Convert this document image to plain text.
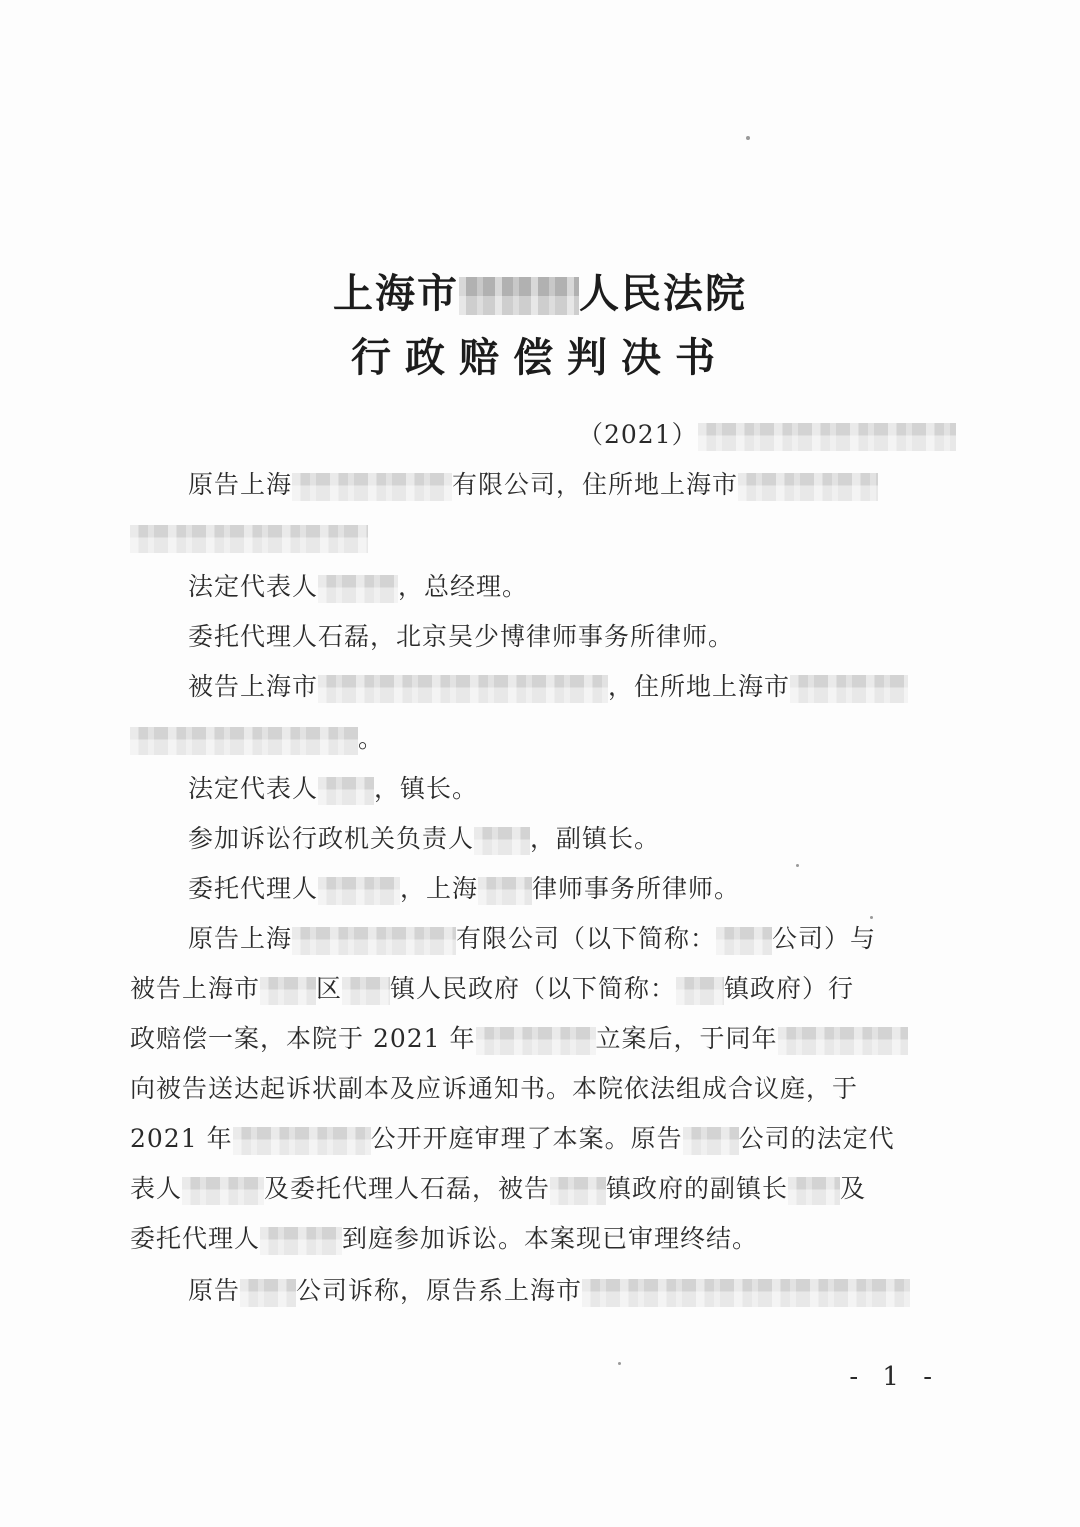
上海市	人民法院
行政赔偿判决书
（2021）
原告上海	有限公司，住所地上海市
法定代表人	，总经理。
委托代理人石磊，北京吴少博律师事务所律师。
被告上海市	，住所地上海市
。
法定代表人 ，镇长。
参加诉讼行政机关负责人 ，副镇长。
委托代理人	，上海 律师事务所律师。
原告上海	有限公司（以下简称： 公司）与
被告上海市 区 镇人民政府（以下简称： 镇政府）行
政赔偿一案，本院于 2021 年	立案后，于同年
向被告送达起诉状副本及应诉通知书。本院依法组成合议庭，于
2021 年	公开开庭审理了本案。原告 公司的法定代
表人	及委托代理人石磊，被告 镇政府的副镇长 及
委托代理人	到庭参加诉讼。本案现已审理终结。
原告 公司诉称，原告系上海市
- 1 -
